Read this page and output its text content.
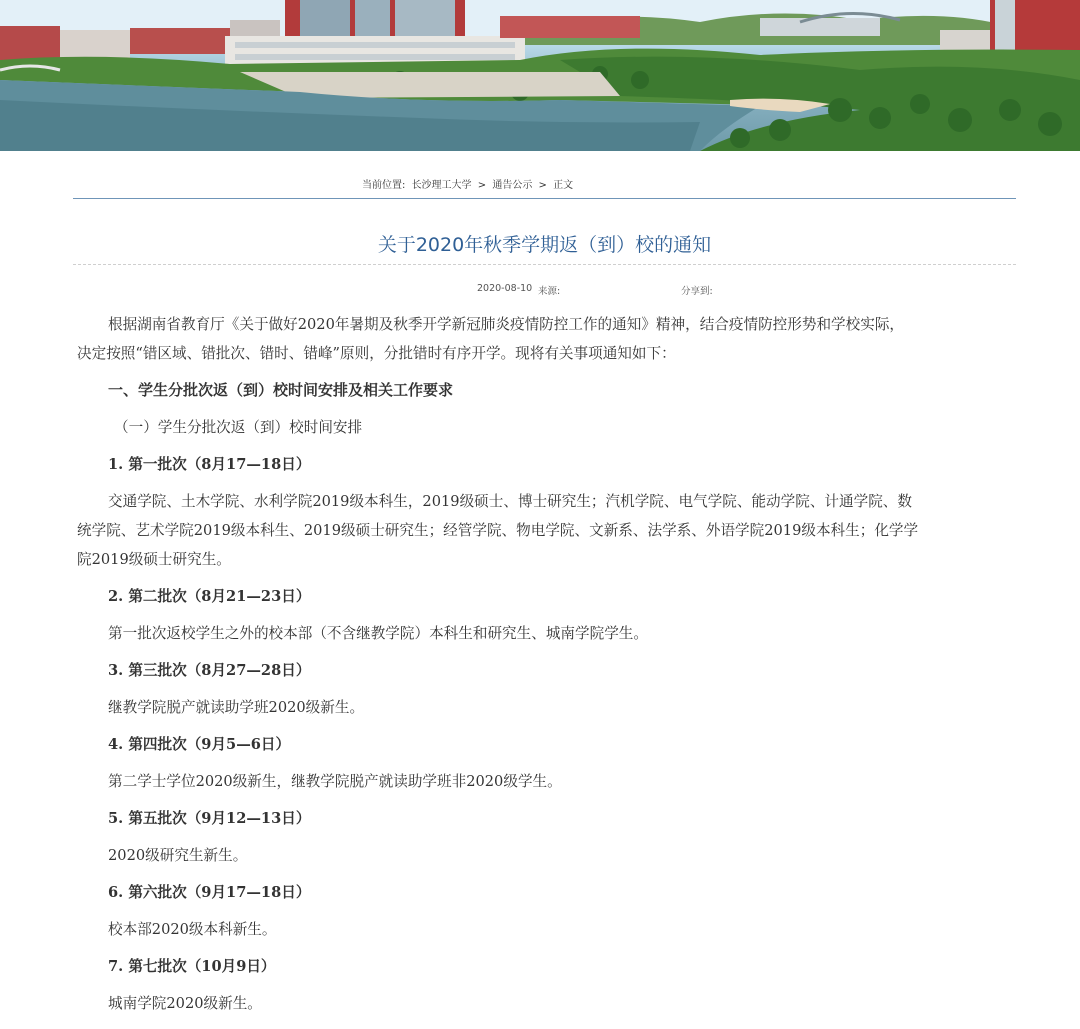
当前位置: 长沙理工大学 > 通告公示 > 正文
关于2020年秋季学期返（到）校的通知
2020-08-10 来源:	分享到:
根据湖南省教育厅《关于做好2020年暑期及秋季开学新冠肺炎疫情防控工作的通知》精神，结合疫情防控形势和学校实际，
决定按照“错区域、错批次、错时、错峰”原则，分批错时有序开学。现将有关事项通知如下：
一、学生分批次返（到）校时间安排及相关工作要求
（一）学生分批次返（到）校时间安排
1. 第一批次（8月17—18日）
交通学院、土木学院、水利学院2019级本科生，2019级硕士、博士研究生；汽机学院、电气学院、能动学院、计通学院、数
统学院、艺术学院2019级本科生、2019级硕士研究生；经管学院、物电学院、文新系、法学系、外语学院2019级本科生；化学学
院2019级硕士研究生。
2. 第二批次（8月21—23日）
第一批次返校学生之外的校本部（不含继教学院）本科生和研究生、城南学院学生。
3. 第三批次（8月27—28日）
继教学院脱产就读助学班2020级新生。
4. 第四批次（9月5—6日）
第二学士学位2020级新生，继教学院脱产就读助学班非2020级学生。
5. 第五批次（9月12—13日）
2020级研究生新生。
6. 第六批次（9月17—18日）
校本部2020级本科新生。
7. 第七批次（10月9日）
城南学院2020级新生。
